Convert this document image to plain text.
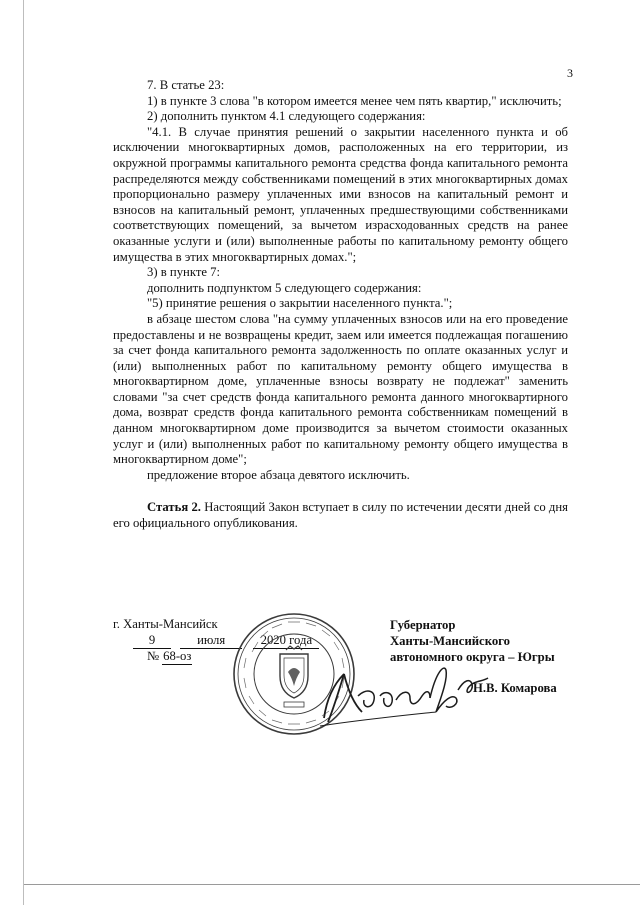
3

7. В статье 23:

1) в пункте 3 слова "в котором имеется менее чем пять квартир," исключить;

2) дополнить пунктом 4.1 следующего содержания:

"4.1. В случае принятия решений о закрытии населенного пункта и об исключении многоквартирных домов, расположенных на его территории, из окружной программы капитального ремонта средства фонда капитального ремонта распределяются между собственниками помещений в этих многоквартирных домах пропорционально размеру уплаченных ими взносов на капитальный ремонт и взносов на капитальный ремонт, уплаченных предшествующими собственниками соответствующих помещений, за вычетом израсходованных средств на ранее оказанные услуги и (или) выполненные работы по капитальному ремонту общего имущества в этих многоквартирных домах.";

3) в пункте 7:

дополнить подпунктом 5 следующего содержания:

"5) принятие решения о закрытии населенного пункта.";

в абзаце шестом слова "на сумму уплаченных взносов или на его проведение предоставлены и не возвращены кредит, заем или имеется подлежащая погашению за счет фонда капитального ремонта задолженность по оплате оказанных услуг и (или) выполненных работ по капитальному ремонту общего имущества в многоквартирном доме, уплаченные взносы возврату не подлежат" заменить словами "за счет средств фонда капитального ремонта данного многоквартирного дома, возврат средств фонда капитального ремонта собственникам помещений в данном многоквартирном доме производится за вычетом стоимости оказанных услуг и (или) выполненных работ по капитальному ремонту общего имущества в многоквартирном доме";

предложение второе абзаца девятого исключить.

Статья 2. Настоящий Закон вступает в силу по истечении десяти дней со дня его официального опубликования.

г. Ханты-Мансийск
9	июля	2020 года
№ 68-оз
Губернатор
Ханты-Мансийского
автономного округа – Югры
Н.В. Комарова
